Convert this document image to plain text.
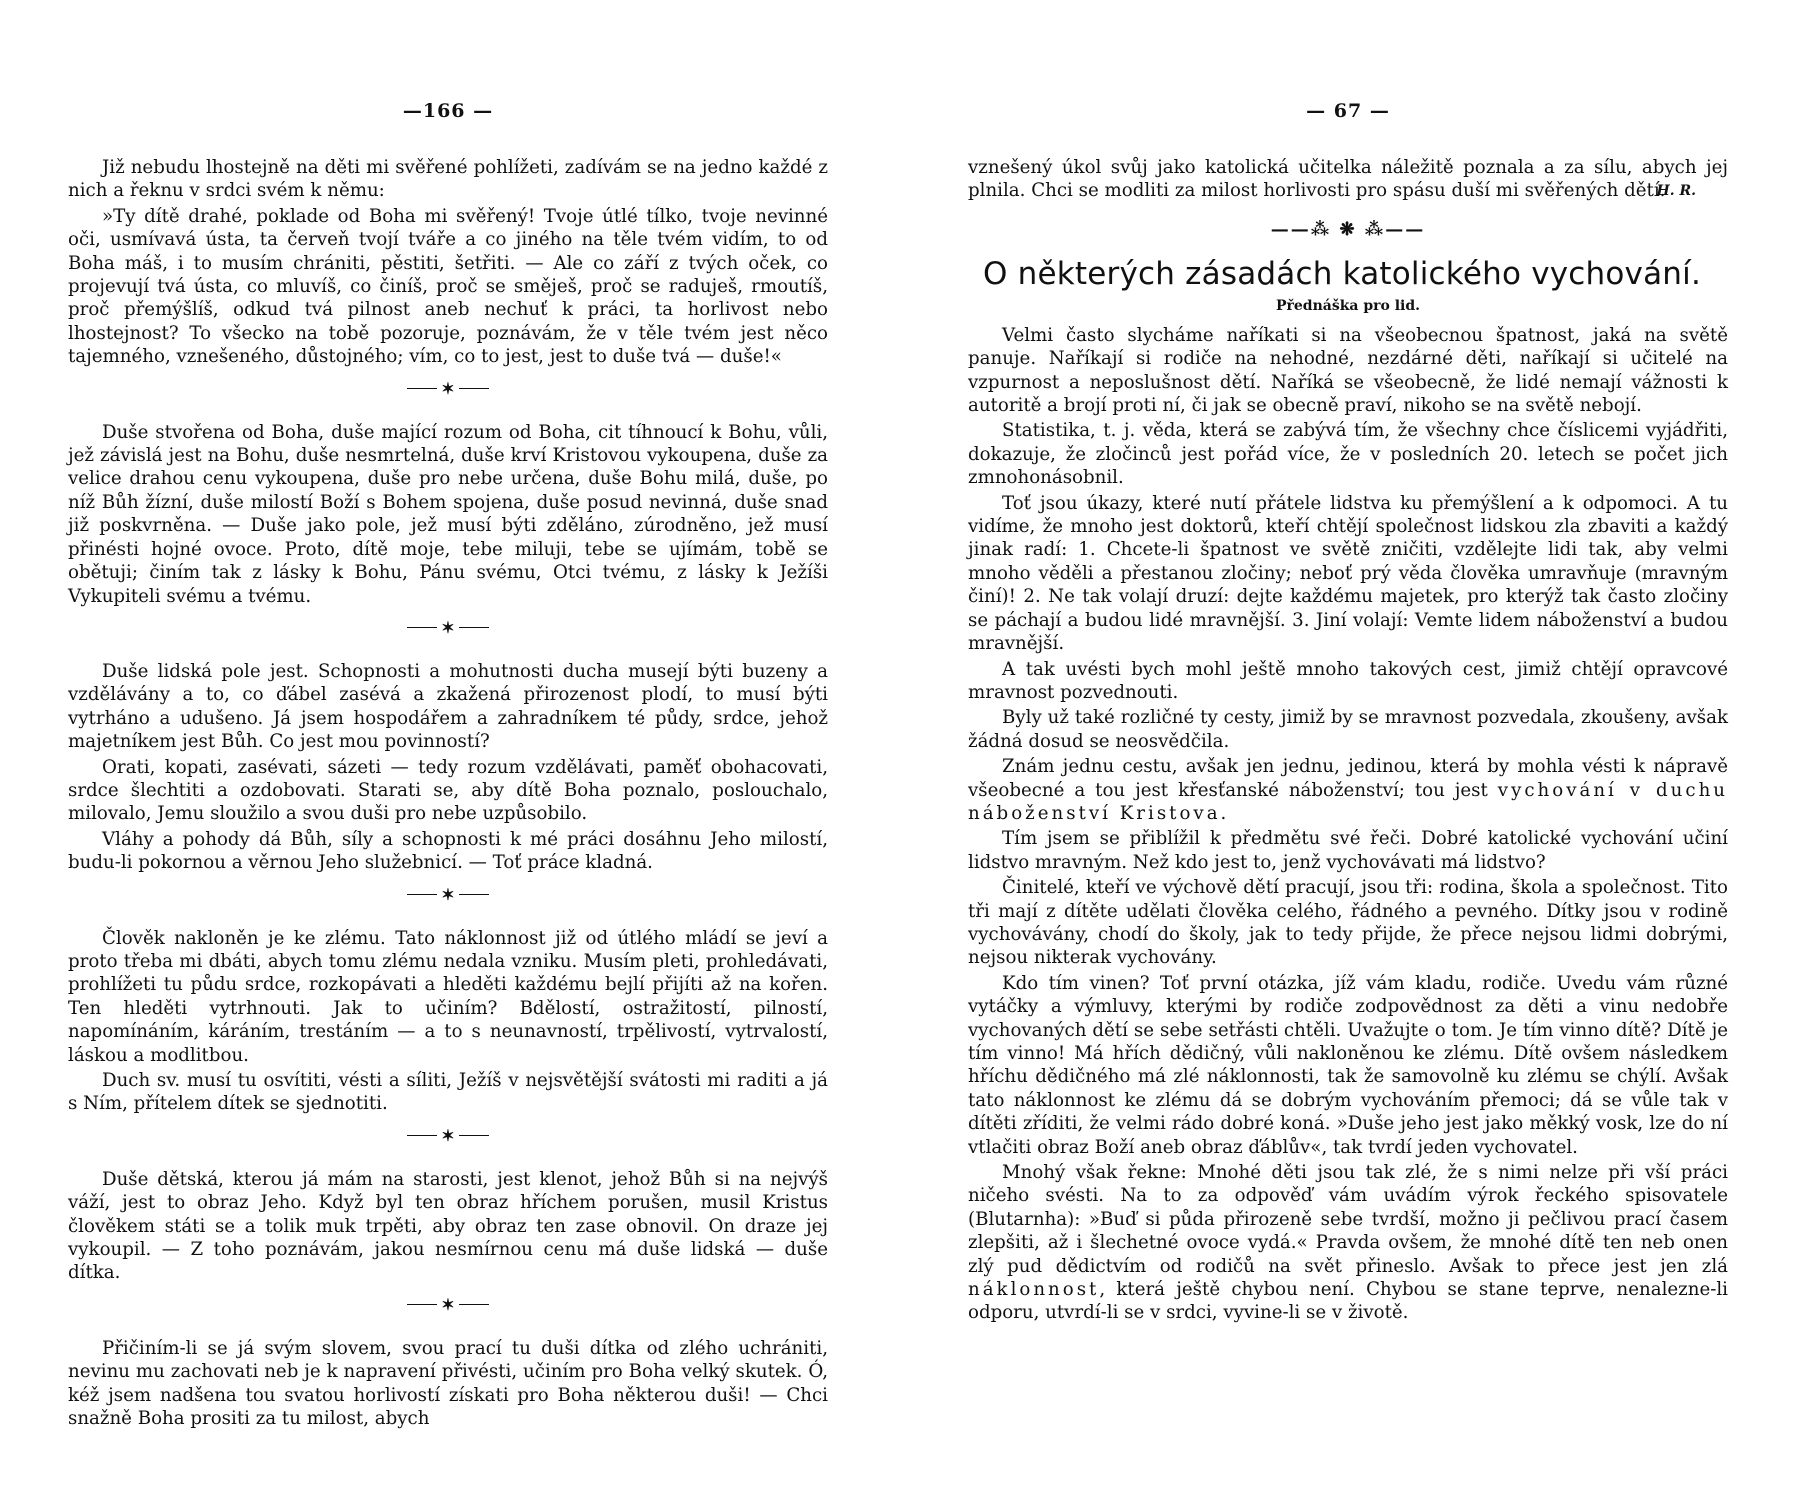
—166 —

Již nebudu lhostejně na děti mi svěřené pohlížeti, zadívám se na jedno každé z nich a řeknu v srdci svém k němu:

»Ty dítě drahé, poklade od Boha mi svěřený! Tvoje útlé tílko, tvoje nevinné oči, usmívavá ústa, ta červeň tvojí tváře a co jiného na těle tvém vidím, to od Boha máš, i to musím chrániti, pěstiti, šetřiti. — Ale co září z tvých oček, co projevují tvá ústa, co mluvíš, co činíš, proč se směješ, proč se raduješ, rmoutíš, proč přemýšlíš, odkud tvá pilnost aneb nechuť k práci, ta horlivost nebo lhostejnost? To všecko na tobě pozoruje, poznávám, že v těle tvém jest něco tajemného, vznešeného, důstojného; vím, co to jest, jest to duše tvá — duše!«

✶

Duše stvořena od Boha, duše mající rozum od Boha, cit tíhnoucí k Bohu, vůli, jež závislá jest na Bohu, duše nesmrtelná, duše krví Kristovou vykoupena, duše za velice drahou cenu vykoupena, duše pro nebe určena, duše Bohu milá, duše, po níž Bůh žízní, duše milostí Boží s Bohem spojena, duše posud nevinná, duše snad již poskvrněna. — Duše jako pole, jež musí býti zděláno, zúrodněno, jež musí přinésti hojné ovoce. Proto, dítě moje, tebe miluji, tebe se ujímám, tobě se obětuji; činím tak z lásky k Bohu, Pánu svému, Otci tvému, z lásky k Ježíši Vykupiteli svému a tvému.

✶

Duše lidská pole jest. Schopnosti a mohutnosti ducha musejí býti buzeny a vzdělávány a to, co ďábel zasévá a zkažená přirozenost plodí, to musí býti vytrháno a udušeno. Já jsem hospodářem a zahradníkem té půdy, srdce, jehož majetníkem jest Bůh. Co jest mou povinností?

Orati, kopati, zasévati, sázeti — tedy rozum vzdělávati, paměť obohacovati, srdce šlechtiti a ozdobovati. Starati se, aby dítě Boha poznalo, poslouchalo, milovalo, Jemu sloužilo a svou duši pro nebe uzpůsobilo.

Vláhy a pohody dá Bůh, síly a schopnosti k mé práci dosáhnu Jeho milostí, budu-li pokornou a věrnou Jeho služebnicí. — Toť práce kladná.

✶

Člověk nakloněn je ke zlému. Tato náklonnost již od útlého mládí se jeví a proto třeba mi dbáti, abych tomu zlému nedala vzniku. Musím pleti, prohledávati, prohlížeti tu půdu srdce, rozkopávati a hleděti každému bejlí přijíti až na kořen. Ten hleděti vytrhnouti. Jak to učiním? Bdělostí, ostražitostí, pilností, napomínáním, káráním, trestáním — a to s neunavností, trpělivostí, vytrvalostí, láskou a modlitbou.

Duch sv. musí tu osvítiti, vésti a síliti, Ježíš v nejsvětější svátosti mi raditi a já s Ním, přítelem dítek se sjednotiti.

✶

Duše dětská, kterou já mám na starosti, jest klenot, jehož Bůh si na nejvýš váží, jest to obraz Jeho. Když byl ten obraz hříchem porušen, musil Kristus člověkem státi se a tolik muk trpěti, aby obraz ten zase obnovil. On draze jej vykoupil. — Z toho poznávám, jakou nesmírnou cenu má duše lidská — duše dítka.

✶

Přičiním-li se já svým slovem, svou prací tu duši dítka od zlého uchrániti, nevinu mu zachovati neb je k napravení přivésti, učiním pro Boha velký skutek. Ó, kéž jsem nadšena tou svatou horlivostí získati pro Boha některou duši! — Chci snažně Boha prositi za tu milost, abych

— 67 —

vznešený úkol svůj jako katolická učitelka náležitě poznala a za sílu, abych jej plnila. Chci se modliti za milost horlivosti pro spásu duší mi svěřených dětí.

H. R.
——⁂ ❋ ⁂——
O některých zásadách katolického vychování.
Přednáška pro lid.

Velmi často slycháme naříkati si na všeobecnou špatnost, jaká na světě panuje. Naříkají si rodiče na nehodné, nezdárné děti, naříkají si učitelé na vzpurnost a neposlušnost dětí. Naříká se všeobecně, že lidé nemají vážnosti k autoritě a brojí proti ní, či jak se obecně praví, nikoho se na světě nebojí.

Statistika, t. j. věda, která se zabývá tím, že všechny chce číslicemi vyjádřiti, dokazuje, že zločinců jest pořád více, že v posledních 20. letech se počet jich zmnohonásobnil.

Toť jsou úkazy, které nutí přátele lidstva ku přemýšlení a k odpomoci. A tu vidíme, že mnoho jest doktorů, kteří chtějí společnost lidskou zla zbaviti a každý jinak radí: 1. Chcete-li špatnost ve světě zničiti, vzdělejte lidi tak, aby velmi mnoho věděli a přestanou zločiny; neboť prý věda člověka umravňuje (mravným činí)! 2. Ne tak volají druzí: dejte každému majetek, pro kterýž tak často zločiny se páchají a budou lidé mravnější. 3. Jiní volají: Vemte lidem náboženství a budou mravnější.

A tak uvésti bych mohl ještě mnoho takových cest, jimiž chtějí opravcové mravnost pozvednouti.

Byly už také rozličné ty cesty, jimiž by se mravnost pozvedala, zkoušeny, avšak žádná dosud se neosvědčila.

Znám jednu cestu, avšak jen jednu, jedinou, která by mohla vésti k nápravě všeobecné a tou jest křesťanské náboženství; tou jest vychování v duchu náboženství Kristova.

Tím jsem se přiblížil k předmětu své řeči. Dobré katolické vychování učiní lidstvo mravným. Než kdo jest to, jenž vychovávati má lidstvo?

Činitelé, kteří ve výchově dětí pracují, jsou tři: rodina, škola a společnost. Tito tři mají z dítěte udělati člověka celého, řádného a pevného. Dítky jsou v rodině vychovávány, chodí do školy, jak to tedy přijde, že přece nejsou lidmi dobrými, nejsou nikterak vychovány.

Kdo tím vinen? Toť první otázka, jíž vám kladu, rodiče. Uvedu vám různé vytáčky a výmluvy, kterými by rodiče zodpovědnost za děti a vinu nedobře vychovaných dětí se sebe setřásti chtěli. Uvažujte o tom. Je tím vinno dítě? Dítě je tím vinno! Má hřích dědičný, vůli nakloněnou ke zlému. Dítě ovšem následkem hříchu dědičného má zlé náklonnosti, tak že samovolně ku zlému se chýlí. Avšak tato náklonnost ke zlému dá se dobrým vychováním přemoci; dá se vůle tak v dítěti zříditi, že velmi rádo dobré koná. »Duše jeho jest jako měkký vosk, lze do ní vtlačiti obraz Boží aneb obraz ďáblův«, tak tvrdí jeden vychovatel.

Mnohý však řekne: Mnohé děti jsou tak zlé, že s nimi nelze při vší práci ničeho svésti. Na to za odpověď vám uvádím výrok řeckého spisovatele (Blutarnha): »Buď si půda přirozeně sebe tvrdší, možno ji pečlivou prací časem zlepšiti, až i šlechetné ovoce vydá.« Pravda ovšem, že mnohé dítě ten neb onen zlý pud dědictvím od rodičů na svět přineslo. Avšak to přece jest jen zlá náklonnost, která ještě chybou není. Chybou se stane teprve, nenalezne-li odporu, utvrdí-li se v srdci, vyvine-li se v životě.
